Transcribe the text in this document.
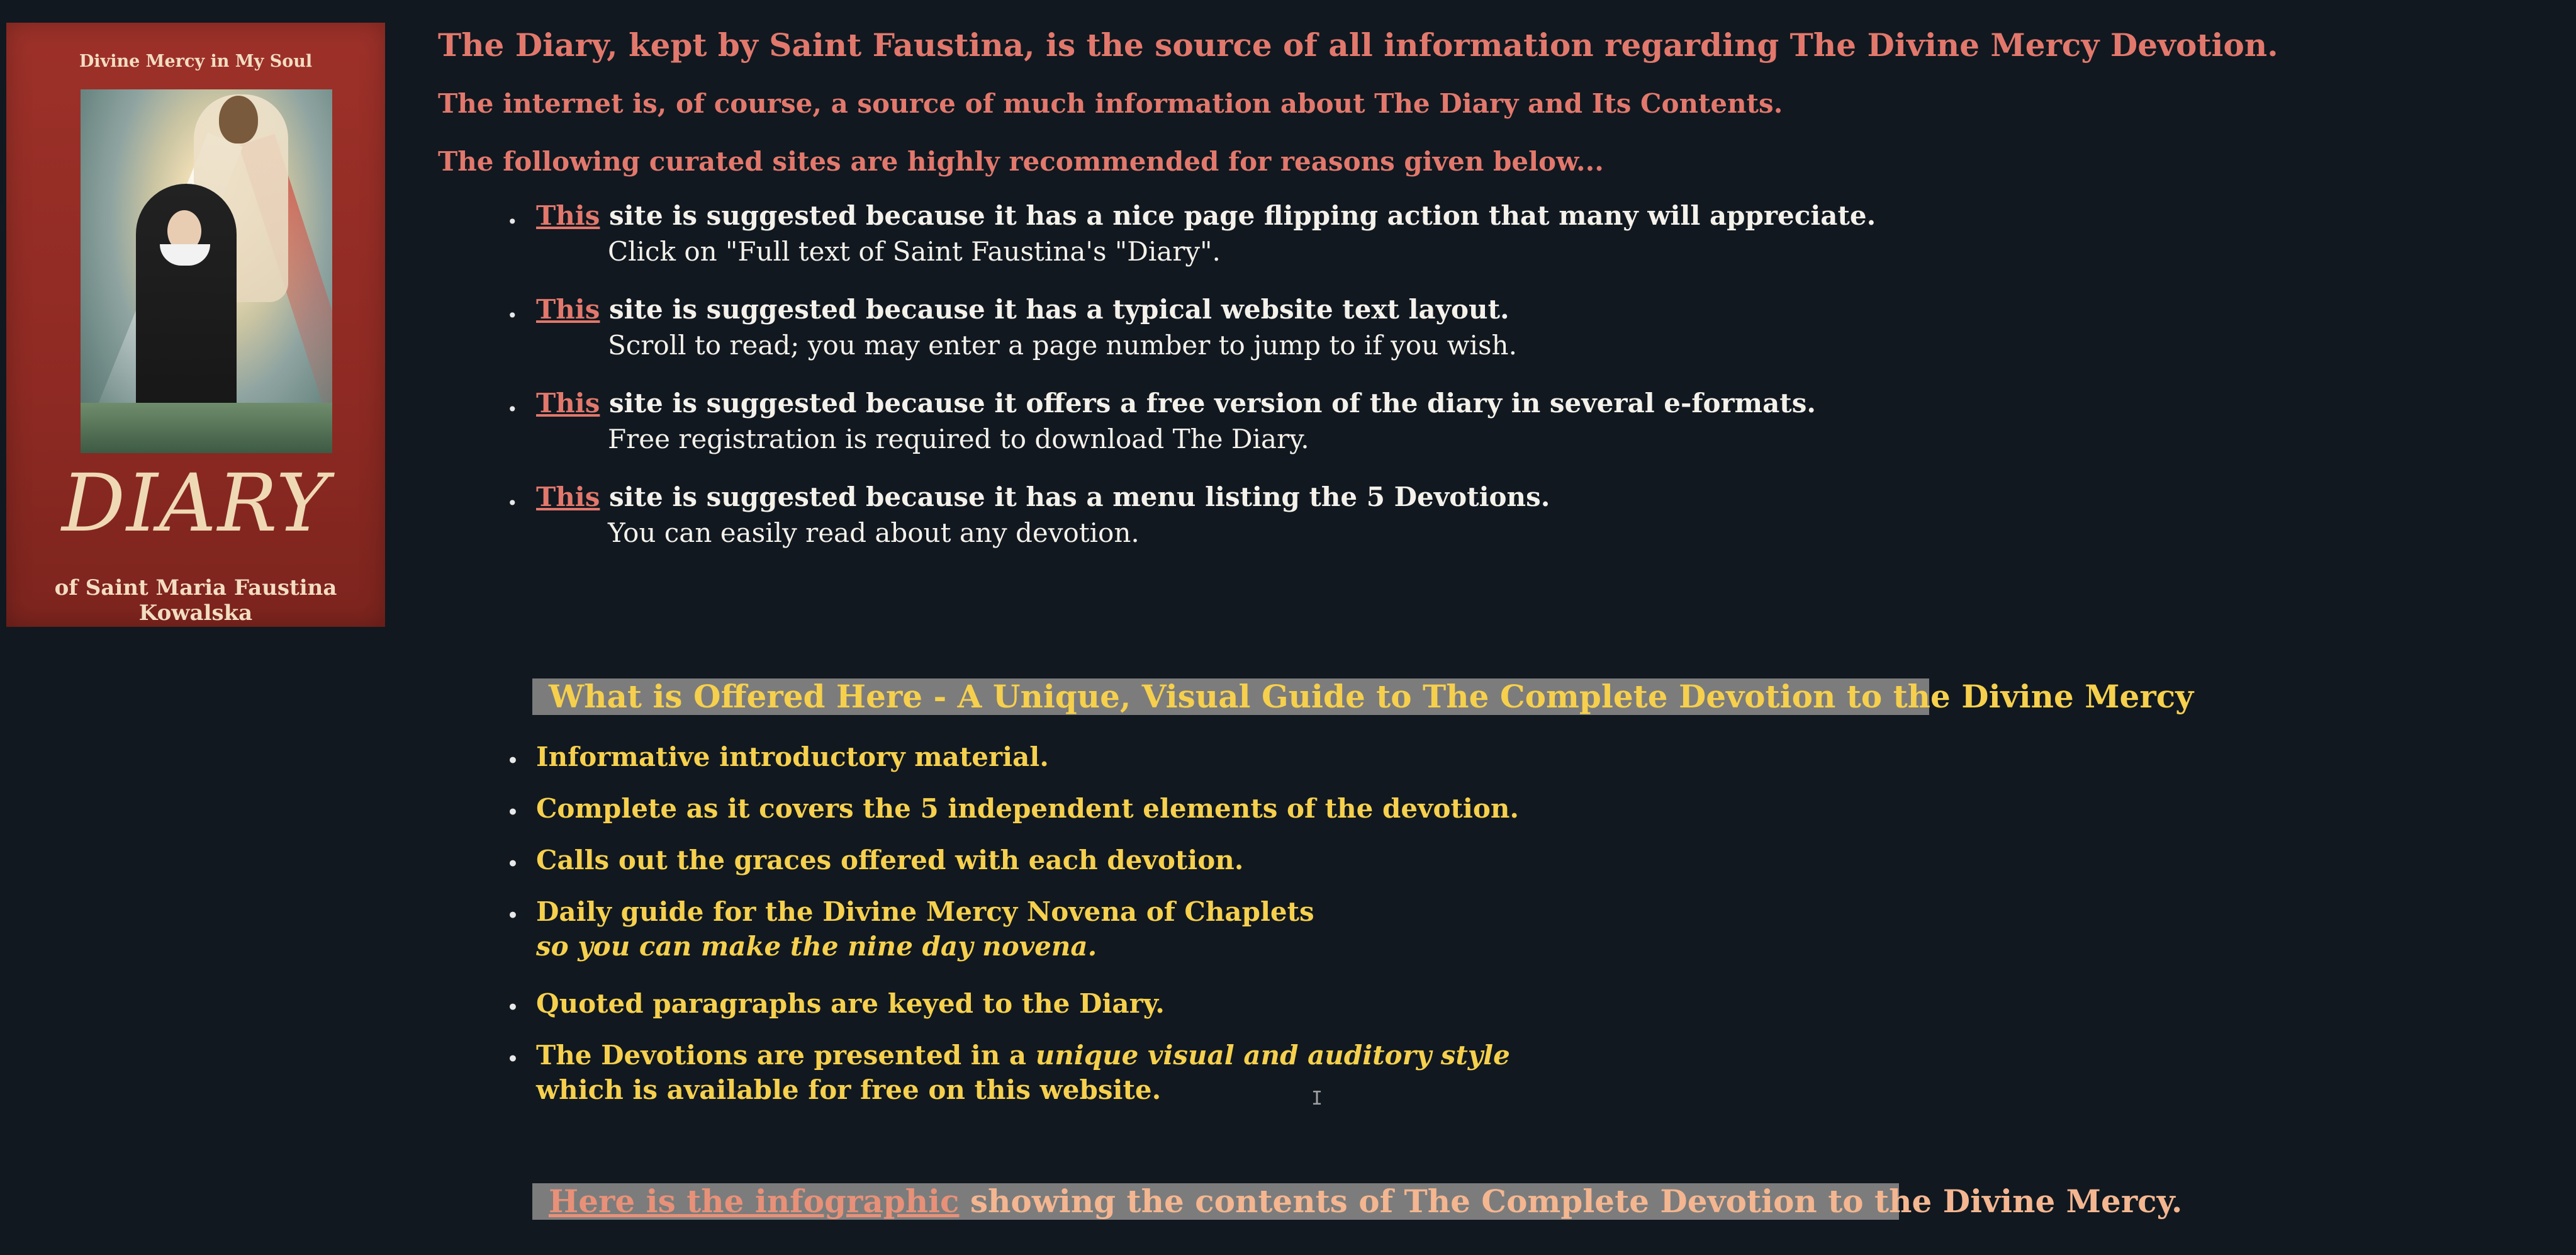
Divine Mercy in My Soul
DIARY
of Saint Maria Faustina Kowalska
The Diary, kept by Saint Faustina, is the source of all information regarding The Divine Mercy Devotion.
The internet is, of course, a source of much information about The Diary and Its Contents.
The following curated sites are highly recommended for reasons given below...
• This site is suggested because it has a nice page flipping action that many will appreciate.
Click on "Full text of Saint Faustina's "Diary".
• This site is suggested because it has a typical website text layout.
Scroll to read; you may enter a page number to jump to if you wish.
• This site is suggested because it offers a free version of the diary in several e-formats.
Free registration is required to download The Diary.
• This site is suggested because it has a menu listing the 5 Devotions.
You can easily read about any devotion.
What is Offered Here - A Unique, Visual Guide to The Complete Devotion to the Divine Mercy
• Informative introductory material.
• Complete as it covers the 5 independent elements of the devotion.
• Calls out the graces offered with each devotion.
• Daily guide for the Divine Mercy Novena of Chaplets
so you can make the nine day novena.
• Quoted paragraphs are keyed to the Diary.
• The Devotions are presented in a unique visual and auditory style
which is available for free on this website.	I
Here is the infographic showing the contents of The Complete Devotion to the Divine Mercy.
